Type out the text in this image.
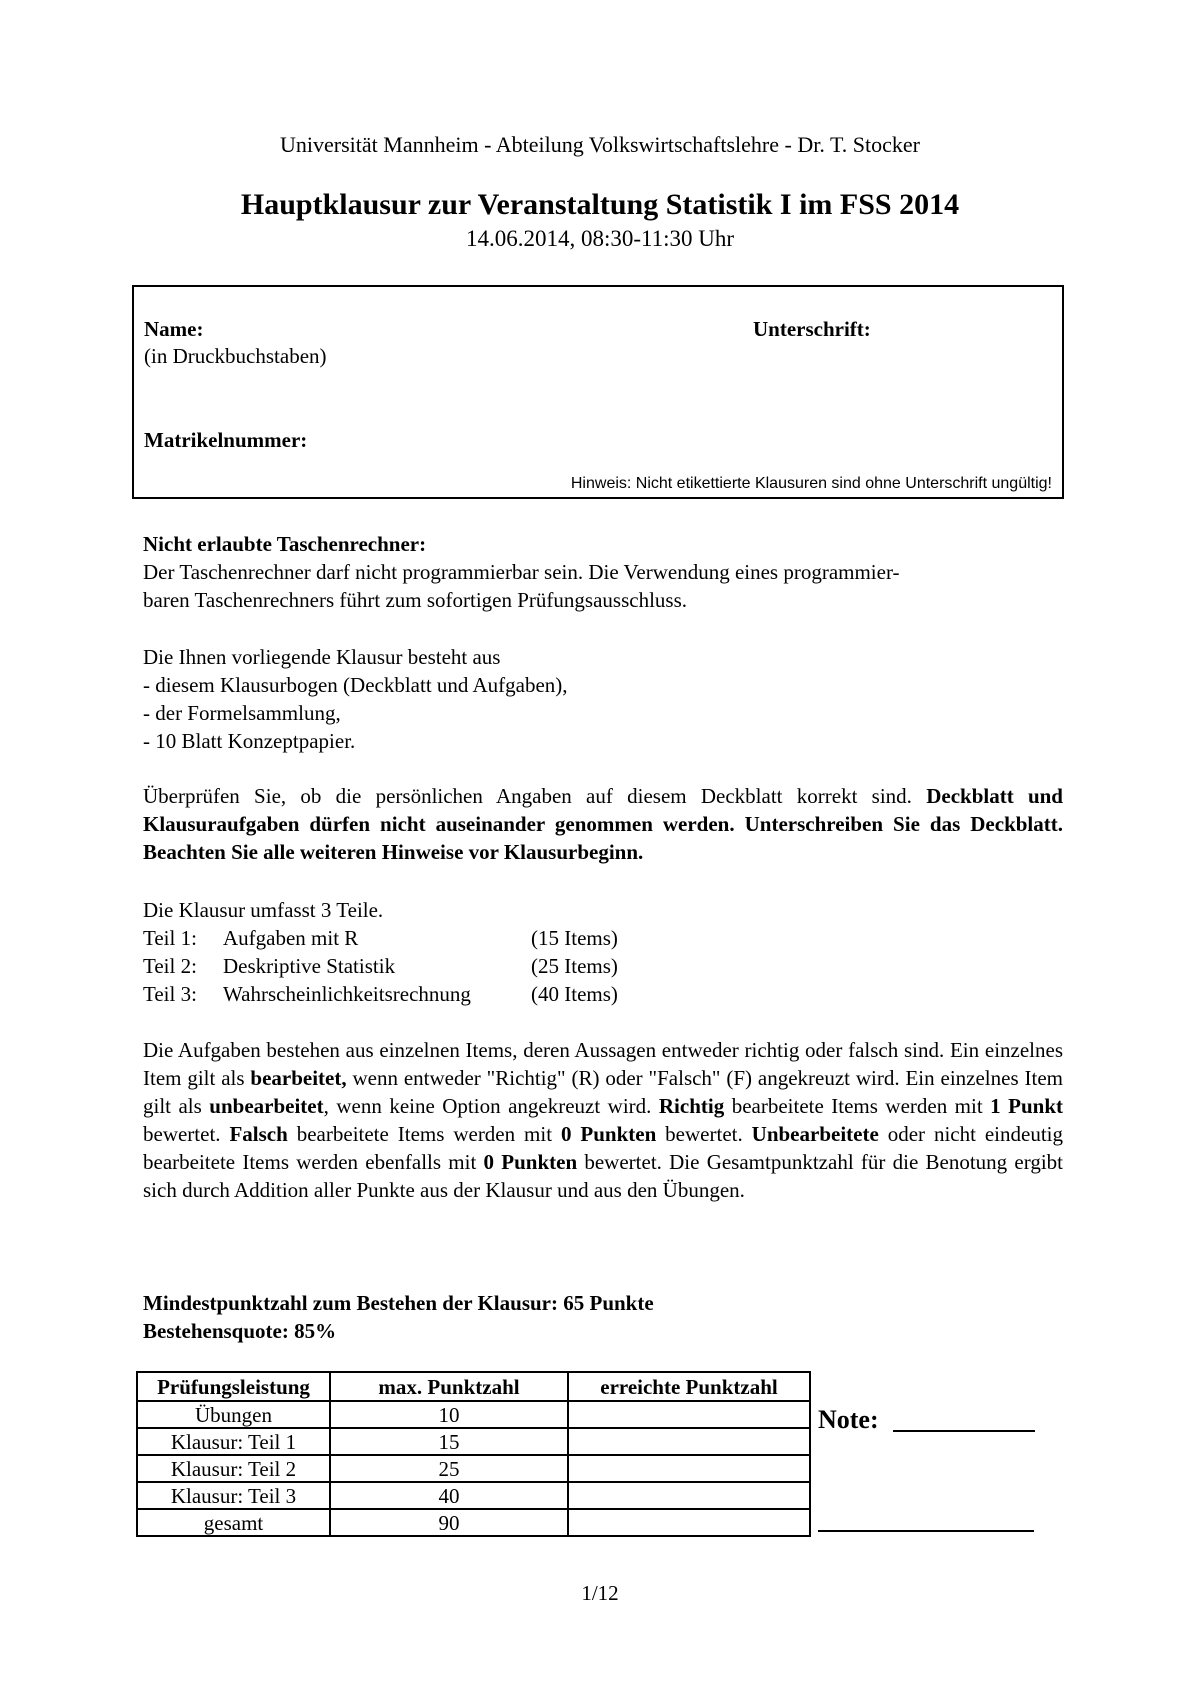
Universität Mannheim - Abteilung Volkswirtschaftslehre - Dr. T. Stocker
Hauptklausur zur Veranstaltung Statistik I im FSS 2014
14.06.2014, 08:30-11:30 Uhr
Name:
(in Druckbuchstaben)
Unterschrift:
Matrikelnummer:
Hinweis: Nicht etikettierte Klausuren sind ohne Unterschrift ungültig!
Nicht erlaubte Taschenrechner:
Der Taschenrechner darf nicht programmierbar sein. Die Verwendung eines programmier-
baren Taschenrechners führt zum sofortigen Prüfungsausschluss.
Die Ihnen vorliegende Klausur besteht aus
- diesem Klausurbogen (Deckblatt und Aufgaben),
- der Formelsammlung,
- 10 Blatt Konzeptpapier.
Überprüfen Sie, ob die persönlichen Angaben auf diesem Deckblatt korrekt sind. Deckblatt und Klausuraufgaben dürfen nicht auseinander genommen werden. Unterschreiben Sie das Deckblatt. Beachten Sie alle weiteren Hinweise vor Klausurbeginn.
Die Klausur umfasst 3 Teile.
Teil 1:	Aufgaben mit R	(15 Items)
Teil 2:	Deskriptive Statistik	(25 Items)
Teil 3:	Wahrscheinlichkeitsrechnung	(40 Items)
Die Aufgaben bestehen aus einzelnen Items, deren Aussagen entweder richtig oder falsch sind. Ein einzelnes Item gilt als bearbeitet, wenn entweder "Richtig" (R) oder "Falsch" (F) angekreuzt wird. Ein einzelnes Item gilt als unbearbeitet, wenn keine Option angekreuzt wird. Richtig bearbeitete Items werden mit 1 Punkt bewertet. Falsch bearbeitete Items werden mit 0 Punkten bewertet. Unbearbeitete oder nicht eindeutig bearbeitete Items werden ebenfalls mit 0 Punkten bewertet. Die Gesamtpunktzahl für die Benotung ergibt sich durch Addition aller Punkte aus der Klausur und aus den Übungen.
Mindestpunktzahl zum Bestehen der Klausur: 65 Punkte
Bestehensquote: 85%
Prüfungsleistung	max. Punktzahl	erreichte Punktzahl
Übungen	10	
Klausur: Teil 1	15	
Klausur: Teil 2	25	
Klausur: Teil 3	40	
gesamt	90	
Note:
1/12
